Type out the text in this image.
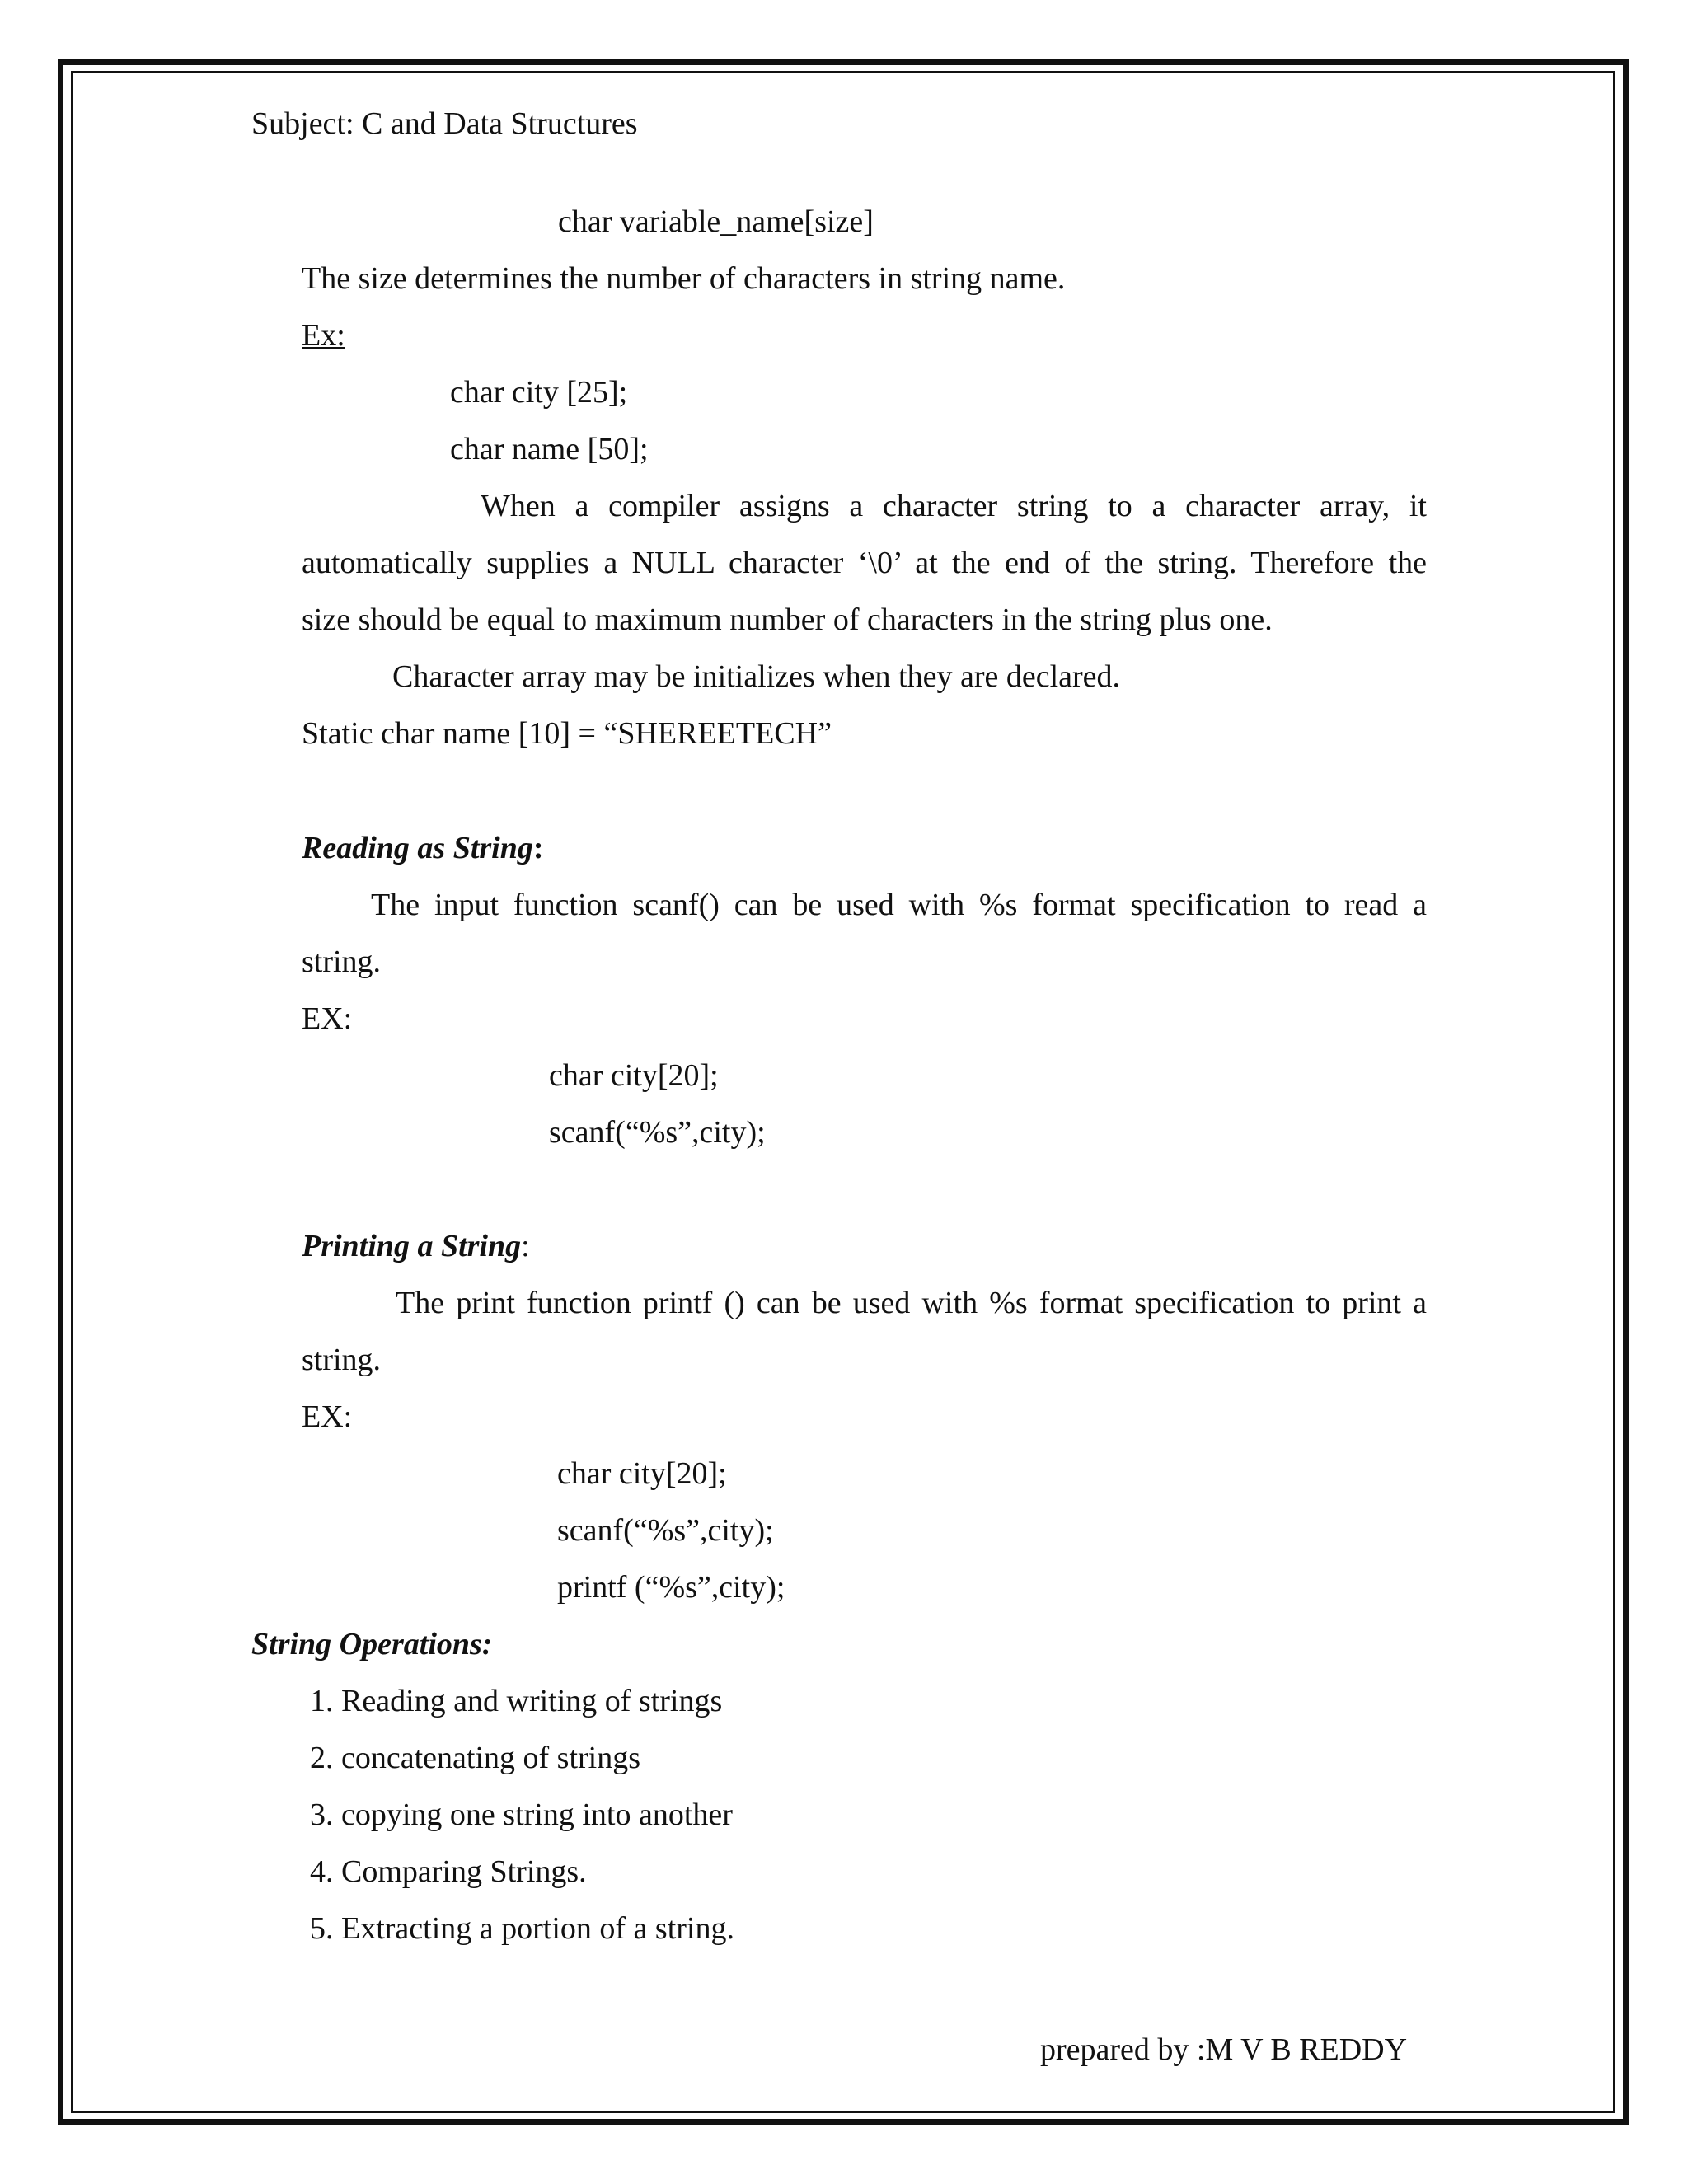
Subject: C and Data Structures
char variable_name[size]
The size determines the number of characters in string name.
Ex:
char city [25];
char name [50];
When a compiler assigns a character string to a character array, it
automatically supplies a NULL character ‘\0’ at the end of the string. Therefore the
size should be equal to maximum number of characters in the string plus one.
Character array may be initializes when they are declared.
Static char name [10] = “SHEREETECH”
Reading as String:
The input function scanf() can be used with %s format specification to read a
string.
EX:
char city[20];
scanf(“%s”,city);
Printing a String:
The print function printf () can be used with %s format specification to print a
string.
EX:
char city[20];
scanf(“%s”,city);
printf (“%s”,city);
String Operations:
1. Reading and writing of strings
2. concatenating of strings
3. copying one string into another
4. Comparing Strings.
5. Extracting a portion of a string.
prepared by :M V B REDDY
